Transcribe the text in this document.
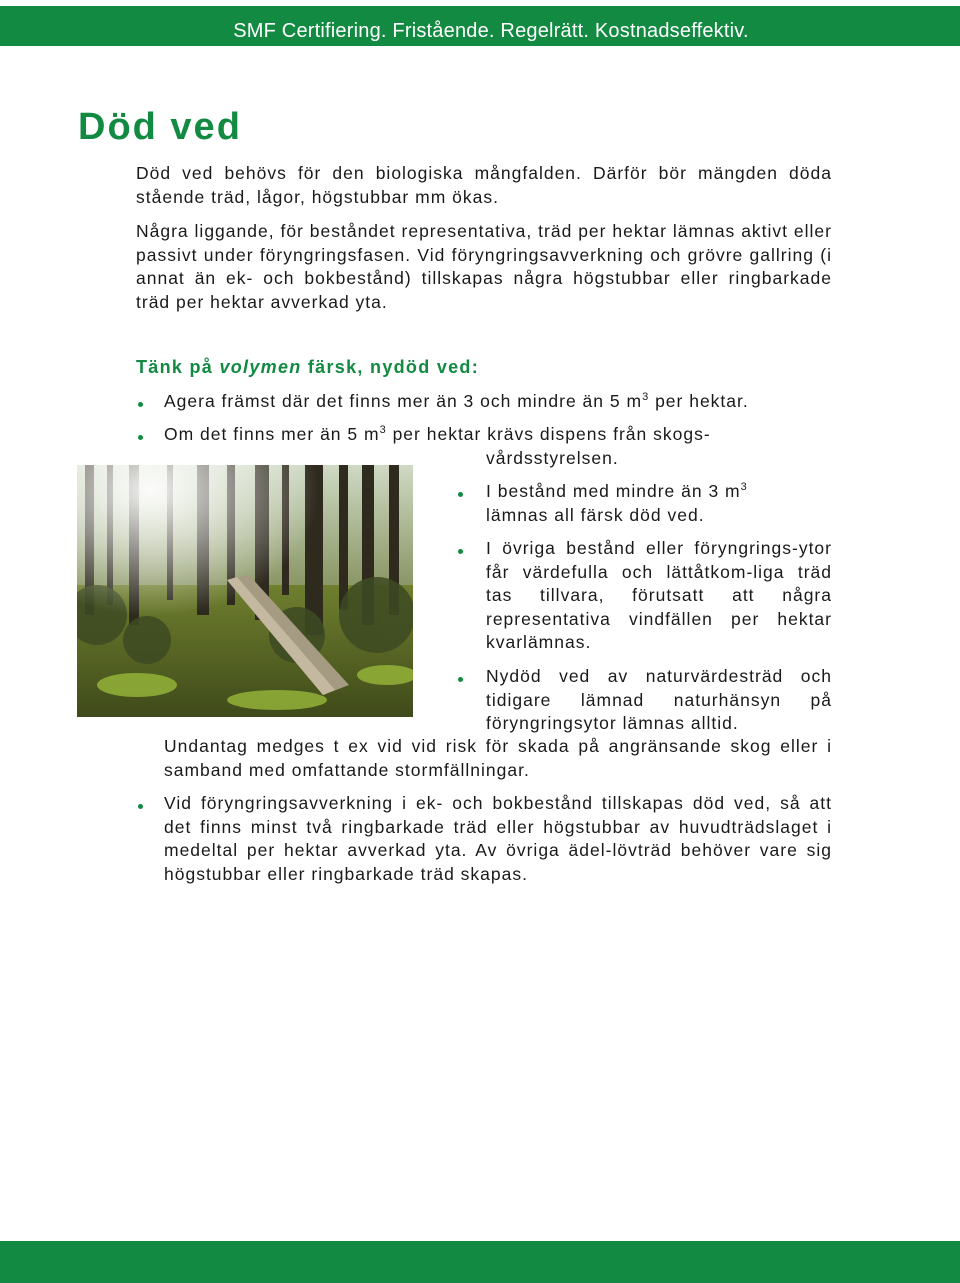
SMF Certifiering. Fristående. Regelrätt. Kostnadseffektiv.
Död ved

Död ved behövs för den biologiska mångfalden. Därför bör mängden döda stående träd, lågor, högstubbar mm ökas.

Några liggande, för beståndet representativa, träd per hektar lämnas aktivt eller passivt under föryngringsfasen. Vid föryngringsavverkning och grövre gallring (i annat än ek- och bokbestånd) tillskapas några högstubbar eller ringbarkade träd per hektar avverkad yta.

Tänk på volymen färsk, nydöd ved:

Agera främst där det finns mer än 3 och mindre än 5 $m^3$ per hektar.

Om det finns mer än 5 $m^3$ per hektar krävs dispens från skogs-

vårdsstyrelsen.

I bestånd med mindre än 3 $m^3$

lämnas all färsk död ved.

I övriga bestånd eller föryngrings-ytor får värdefulla och lättåtkom-liga träd tas tillvara, förutsatt att några representativa vindfällen per hektar kvarlämnas.

Nydöd ved av naturvärdesträd och tidigare lämnad naturhänsyn på föryngringsytor lämnas alltid.

Undantag medges t ex vid vid risk för skada på angränsande skog eller i samband med omfattande stormfällningar.

Vid föryngringsavverkning i ek- och bokbestånd tillskapas död ved, så att det finns minst två ringbarkade träd eller högstubbar av huvudträdslaget i medeltal per hektar avverkad yta. Av övriga ädel-lövträd behöver vare sig högstubbar eller ringbarkade träd skapas.
